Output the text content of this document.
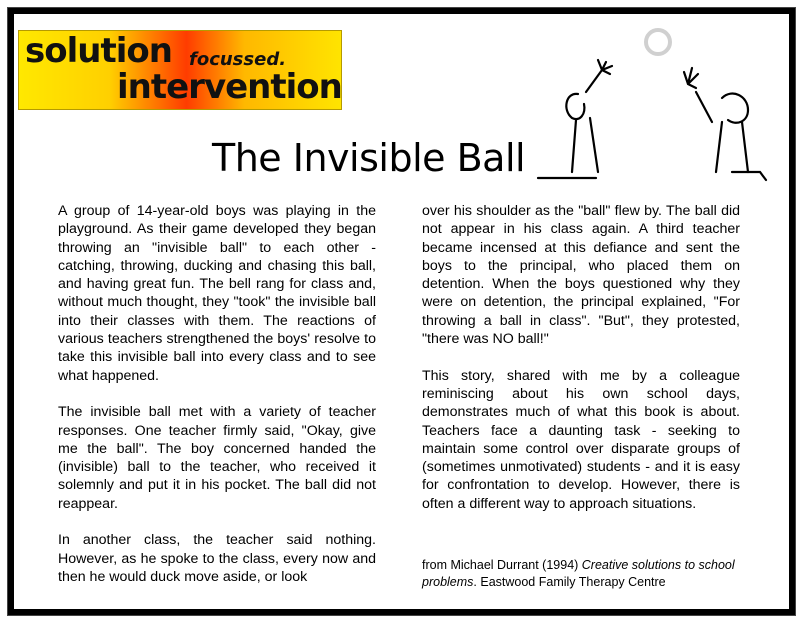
solution focussed.
intervention
The Invisible Ball

A group of 14-year-old boys was playing in the playground. As their game developed they began throwing an "invisible ball" to each other - catching, throwing, ducking and chasing this ball, and having great fun. The bell rang for class and, without much thought, they "took" the invisible ball into their classes with them. The reactions of various teachers strengthened the boys' resolve to take this invisible ball into every class and to see what happened.

The invisible ball met with a variety of teacher responses. One teacher firmly said, "Okay, give me the ball". The boy concerned handed the (invisible) ball to the teacher, who received it solemnly and put it in his pocket. The ball did not reappear.

In another class, the teacher said nothing. However, as he spoke to the class, every now and then he would duck move aside, or look

over his shoulder as the "ball" flew by. The ball did not appear in his class again. A third teacher became incensed at this defiance and sent the boys to the principal, who placed them on detention. When the boys questioned why they were on detention, the principal explained, "For throwing a ball in class". "But", they protested, "there was NO ball!"

This story, shared with me by a colleague reminiscing about his own school days, demonstrates much of what this book is about. Teachers face a daunting task - seeking to maintain some control over disparate groups of (sometimes unmotivated) students - and it is easy for confrontation to develop. However, there is often a different way to approach situations.

from Michael Durrant (1994) Creative solutions to school problems. Eastwood Family Therapy Centre
